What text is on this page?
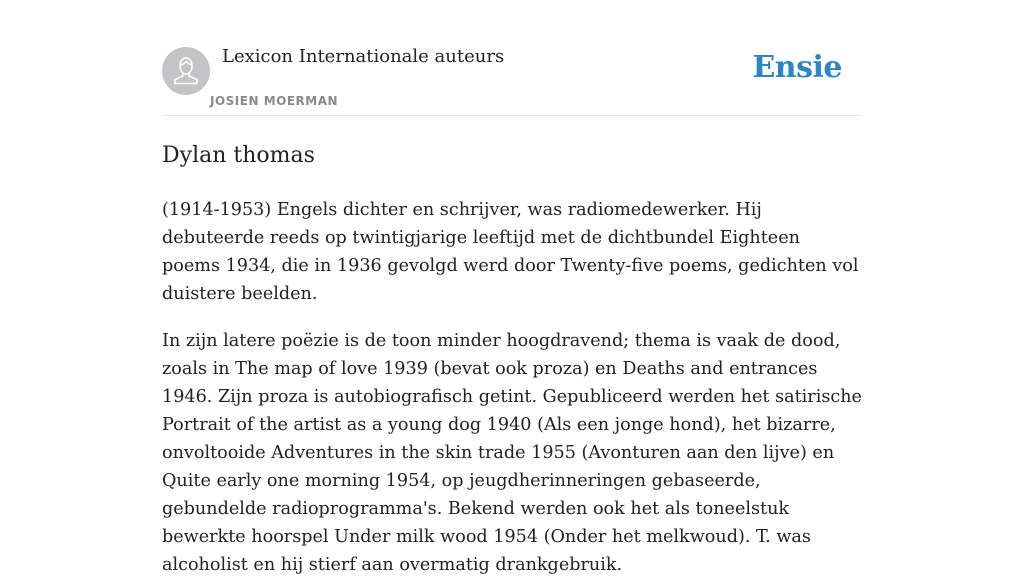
Lexicon Internationale auteurs
JOSIEN MOERMAN
Ensie
Dylan thomas

(1914-1953) Engels dichter en schrijver, was radiomedewerker. Hij debuteerde reeds op twintigjarige leeftijd met de dichtbundel Eighteen poems 1934, die in 1936 gevolgd werd door Twenty-five poems, gedichten vol duistere beelden.

In zijn latere poëzie is de toon minder hoogdravend; thema is vaak de dood, zoals in The map of love 1939 (bevat ook proza) en Deaths and entrances 1946. Zijn proza is autobiografisch getint. Gepubliceerd werden het satirische Portrait of the artist as a young dog 1940 (Als een jonge hond), het bizarre, onvoltooide Adventures in the skin trade 1955 (Avonturen aan den lijve) en Quite early one morning 1954, op jeugdherinneringen gebaseerde, gebundelde radioprogramma's. Bekend werden ook het als toneelstuk bewerkte hoorspel Under milk wood 1954 (Onder het melkwoud). T. was alcoholist en hij stierf aan overmatig drankgebruik.
